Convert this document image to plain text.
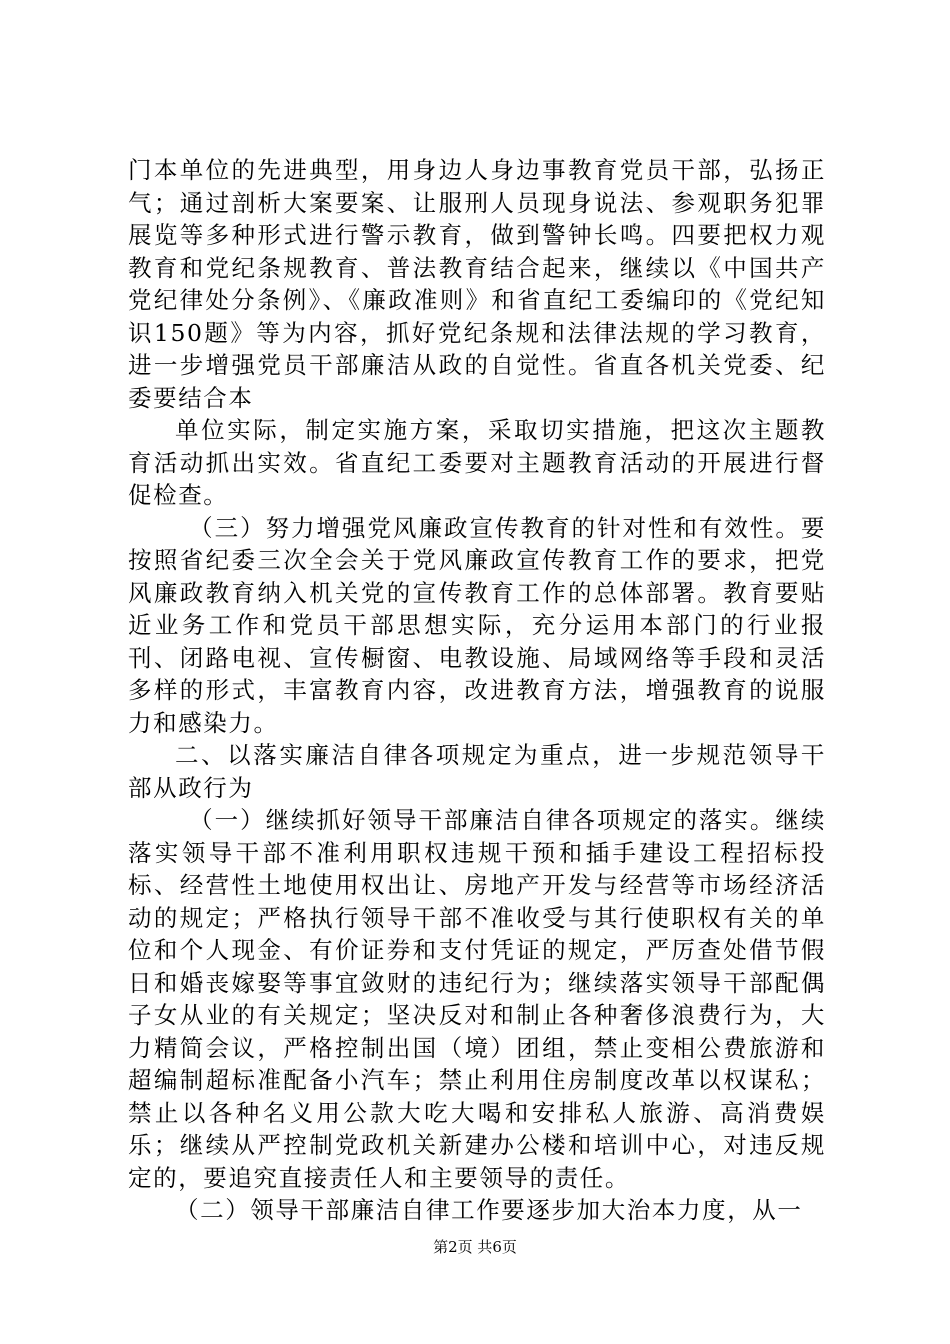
门本单位的先进典型，用身边人身边事教育党员干部，弘扬正气；通过剖析大案要案、让服刑人员现身说法、参观职务犯罪展览等多种形式进行警示教育，做到警钟长鸣。四要把权力观教育和党纪条规教育、普法教育结合起来，继续以《中国共产党纪律处分条例》、《廉政准则》和省直纪工委编印的《党纪知识150题》等为内容，抓好党纪条规和法律法规的学习教育，进一步增强党员干部廉洁从政的自觉性。省直各机关党委、纪委要结合本

单位实际，制定实施方案，采取切实措施，把这次主题教育活动抓出实效。省直纪工委要对主题教育活动的开展进行督促检查。

（三）努力增强党风廉政宣传教育的针对性和有效性。要按照省纪委三次全会关于党风廉政宣传教育工作的要求，把党风廉政教育纳入机关党的宣传教育工作的总体部署。教育要贴近业务工作和党员干部思想实际，充分运用本部门的行业报刊、闭路电视、宣传橱窗、电教设施、局域网络等手段和灵活多样的形式，丰富教育内容，改进教育方法，增强教育的说服力和感染力。

二、以落实廉洁自律各项规定为重点，进一步规范领导干部从政行为

（一）继续抓好领导干部廉洁自律各项规定的落实。继续落实领导干部不准利用职权违规干预和插手建设工程招标投标、经营性土地使用权出让、房地产开发与经营等市场经济活动的规定；严格执行领导干部不准收受与其行使职权有关的单位和个人现金、有价证券和支付凭证的规定，严厉查处借节假日和婚丧嫁娶等事宜敛财的违纪行为；继续落实领导干部配偶子女从业的有关规定；坚决反对和制止各种奢侈浪费行为，大力精简会议，严格控制出国（境）团组，禁止变相公费旅游和超编制超标准配备小汽车；禁止利用住房制度改革以权谋私；禁止以各种名义用公款大吃大喝和安排私人旅游、高消费娱乐；继续从严控制党政机关新建办公楼和培训中心，对违反规定的，要追究直接责任人和主要领导的责任。

（二）领导干部廉洁自律工作要逐步加大治本力度，从一

第2页 共6页
